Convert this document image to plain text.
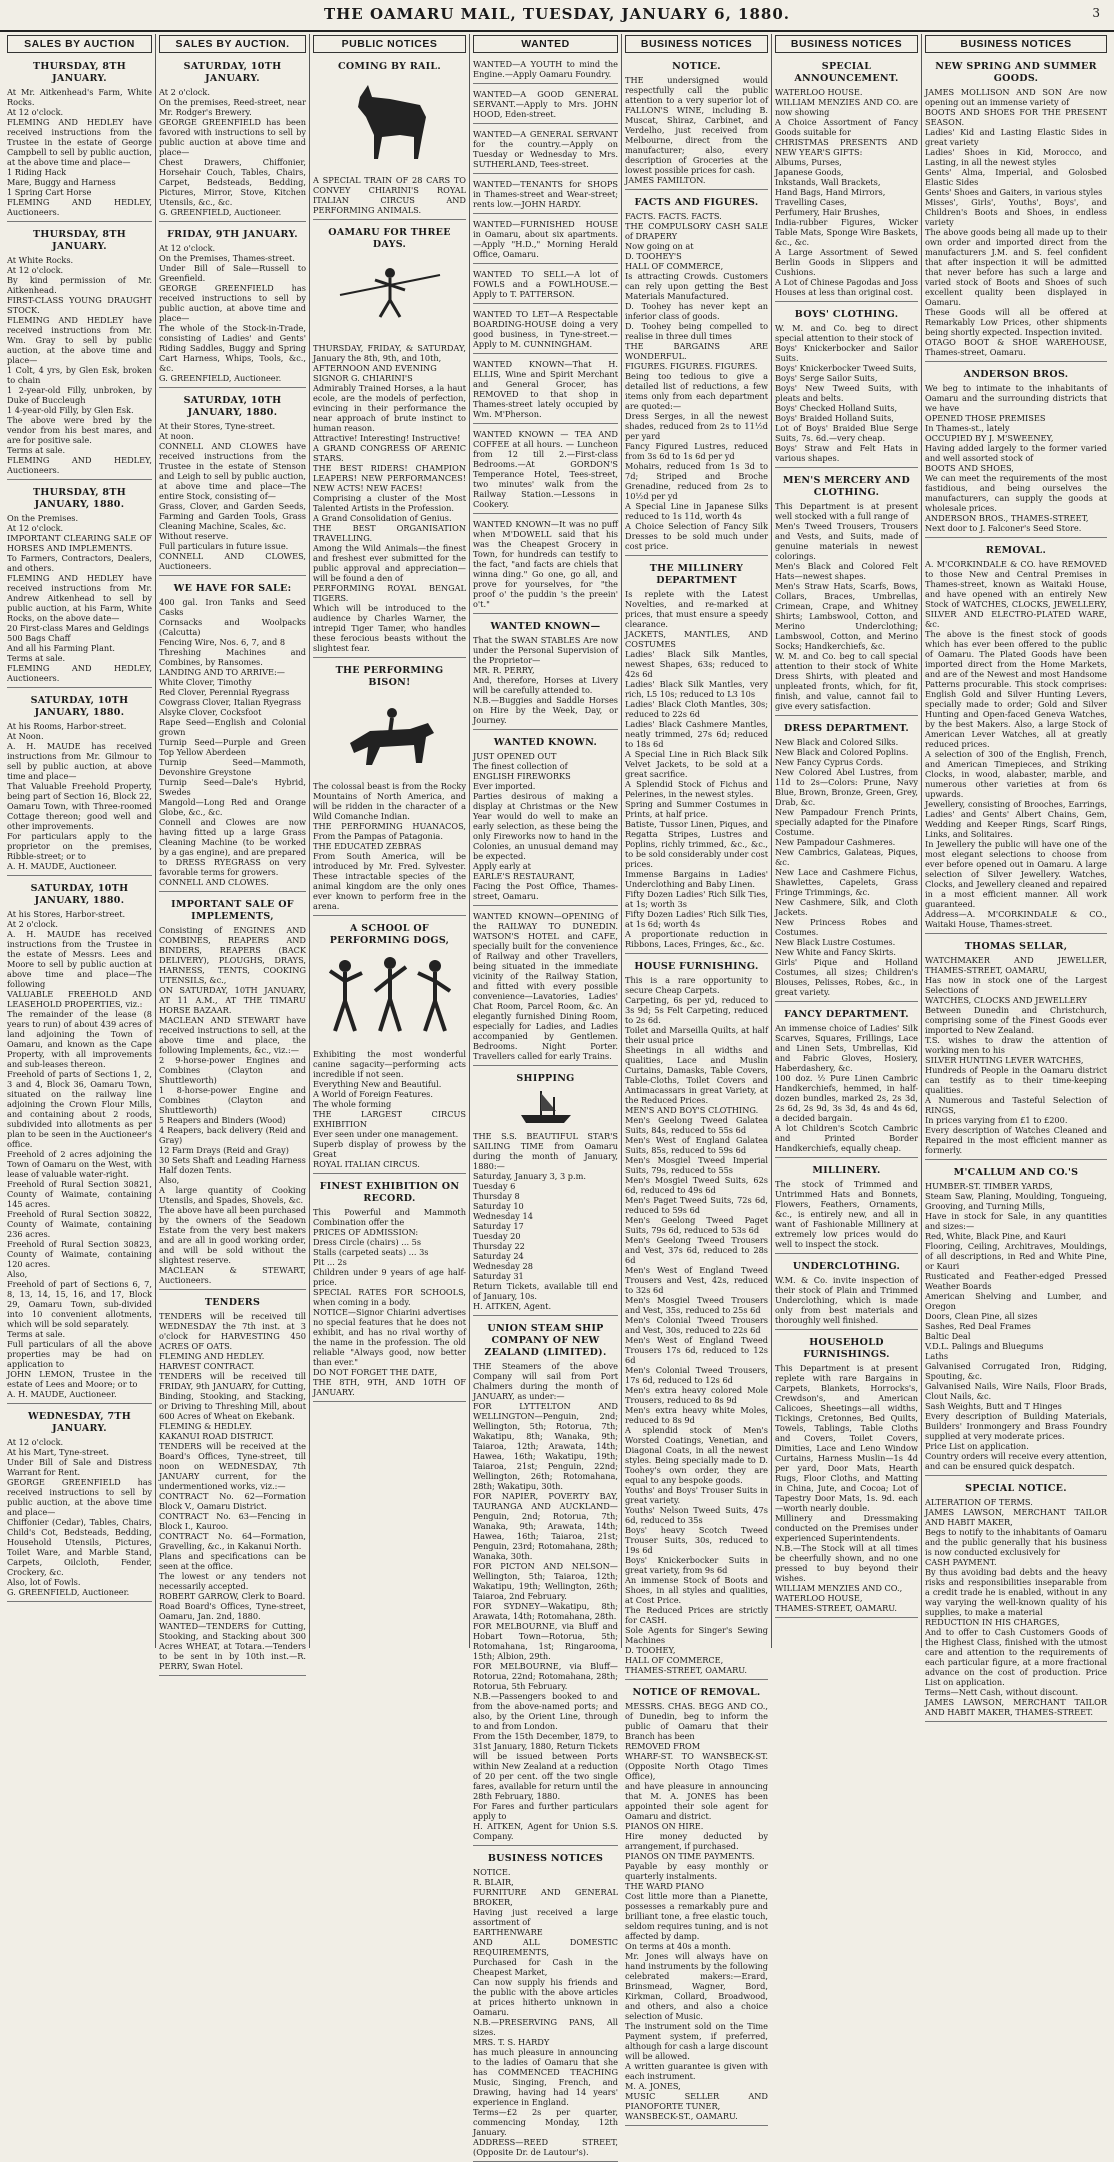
THE OAMARU MAIL, TUESDAY, JANUARY 6, 1880.	3
SALES BY AUCTION

THURSDAY, 8TH JANUARY.

At Mr. Aitkenhead's Farm, White Rocks.
At 12 o'clock.
FLEMING AND HEDLEY have received instructions from the Trustee in the estate of George Campbell to sell by public auction, at the above time and place—
1 Riding Hack
Mare, Buggy and Harness
1 Spring Cart Horse
FLEMING AND HEDLEY, Auctioneers.

THURSDAY, 8TH JANUARY.

At White Rocks.
At 12 o'clock.
By kind permission of Mr. Aitkenhead.
FIRST-CLASS YOUNG DRAUGHT STOCK.
FLEMING AND HEDLEY have received instructions from Mr. Wm. Gray to sell by public auction, at the above time and place—
1 Colt, 4 yrs, by Glen Esk, broken to chain
1 2-year-old Filly, unbroken, by Duke of Buccleugh
1 4-year-old Filly, by Glen Esk.
The above were bred by the vendor from his best mares, and are for positive sale.
Terms at sale.
FLEMING AND HEDLEY, Auctioneers.

THURSDAY, 8TH JANUARY, 1880.

On the Premises.
At 12 o'clock.
IMPORTANT CLEARING SALE OF HORSES AND IMPLEMENTS.
To Farmers, Contractors, Dealers, and others.
FLEMING AND HEDLEY have received instructions from Mr. Andrew Aitkenhead to sell by public auction, at his Farm, White Rocks, on the above date—
20 First-class Mares and Geldings
500 Bags Chaff
And all his Farming Plant.
Terms at sale.
FLEMING AND HEDLEY, Auctioneers.

SATURDAY, 10TH JANUARY, 1880.

At his Rooms, Harbor-street.
At Noon.
A. H. MAUDE has received instructions from Mr. Gilmour to sell by public auction, at above time and place—
That Valuable Freehold Property, being part of Section 16, Block 22, Oamaru Town, with Three-roomed Cottage thereon; good well and other improvements.
For particulars apply to the proprietor on the premises, Ribble-street; or to
A. H. MAUDE, Auctioneer.

SATURDAY, 10TH JANUARY, 1880.

At his Stores, Harbor-street.
At 2 o'clock.
A. H. MAUDE has received instructions from the Trustee in the estate of Messrs. Lees and Moore to sell by public auction at above time and place—The following
VALUABLE FREEHOLD AND LEASEHOLD PROPERTIES, viz.:
The remainder of the lease (8 years to run) of about 439 acres of land adjoining the Town of Oamaru, and known as the Cape Property, with all improvements and sub-leases thereon.
Freehold of parts of Sections 1, 2, 3 and 4, Block 36, Oamaru Town, situated on the railway line adjoining the Crown Flour Mills, and containing about 2 roods, subdivided into allotments as per plan to be seen in the Auctioneer's office.
Freehold of 2 acres adjoining the Town of Oamaru on the West, with lease of valuable water-right.
Freehold of Rural Section 30821, County of Waimate, containing 145 acres.
Freehold of Rural Section 30822, County of Waimate, containing 236 acres.
Freehold of Rural Section 30823, County of Waimate, containing 120 acres.
Also,
Freehold of part of Sections 6, 7, 8, 13, 14, 15, 16, and 17, Block 29, Oamaru Town, sub-divided into 10 convenient allotments, which will be sold separately.
Terms at sale.
Full particulars of all the above properties may be had on application to
JOHN LEMON, Trustee in the estate of Lees and Moore; or to
A. H. MAUDE, Auctioneer.

WEDNESDAY, 7TH JANUARY.

At 12 o'clock.
At his Mart, Tyne-street.
Under Bill of Sale and Distress Warrant for Rent.
GEORGE GREENFIELD has received instructions to sell by public auction, at the above time and place—
Chiffonier (Cedar), Tables, Chairs, Child's Cot, Bedsteads, Bedding, Household Utensils, Pictures, Toilet Ware, and Marble Stand, Carpets, Oilcloth, Fender, Crockery, &c.
Also, lot of Fowls.
G. GREENFIELD, Auctioneer.

SALES BY AUCTION.

SATURDAY, 10TH JANUARY.

At 2 o'clock.
On the premises, Reed-street, near Mr. Rodger's Brewery.
GEORGE GREENFIELD has been favored with instructions to sell by public auction at above time and place—
Chest Drawers, Chiffonier, Horsehair Couch, Tables, Chairs, Carpet, Bedsteads, Bedding, Pictures, Mirror, Stove, Kitchen Utensils, &c., &c.
G. GREENFIELD, Auctioneer.

FRIDAY, 9TH JANUARY.

At 12 o'clock.
On the Premises, Thames-street.
Under Bill of Sale—Russell to Greenfield.
GEORGE GREENFIELD has received instructions to sell by public auction, at above time and place—
The whole of the Stock-in-Trade, consisting of Ladies' and Gents' Riding Saddles, Buggy and Spring Cart Harness, Whips, Tools, &c., &c.
G. GREENFIELD, Auctioneer.

SATURDAY, 10TH JANUARY, 1880.

At their Stores, Tyne-street.
At noon.
CONNELL AND CLOWES have received instructions from the Trustee in the estate of Stenson and Leigh to sell by public auction, at above time and place—The entire Stock, consisting of—
Grass, Clover, and Garden Seeds, Farming and Garden Tools, Grass Cleaning Machine, Scales, &c.
Without reserve.
Full particulars in future issue.
CONNELL AND CLOWES, Auctioneers.

WE HAVE FOR SALE:

400 gal. Iron Tanks and Seed Casks
Cornsacks and Woolpacks (Calcutta)
Fencing Wire, Nos. 6, 7, and 8
Threshing Machines and Combines, by Ransomes.
LANDING AND TO ARRIVE:—
White Clover, Timothy
Red Clover, Perennial Ryegrass
Cowgrass Clover, Italian Ryegrass
Alsyke Clover, Cocksfoot
Rape Seed—English and Colonial grown
Turnip Seed—Purple and Green Top Yellow Aberdeen
Turnip Seed—Mammoth, Devonshire Greystone
Turnip Seed—Dale's Hybrid, Swedes
Mangold—Long Red and Orange Globe, &c., &c.
Connell and Clowes are now having fitted up a large Grass Cleaning Machine (to be worked by a gas engine), and are prepared to DRESS RYEGRASS on very favorable terms for growers.
CONNELL AND CLOWES.

IMPORTANT SALE OF IMPLEMENTS,

Consisting of ENGINES AND COMBINES, REAPERS AND BINDERS, REAPERS (BACK DELIVERY), PLOUGHS, DRAYS, HARNESS, TENTS, COOKING UTENSILS, &c.,
ON SATURDAY, 10TH JANUARY, AT 11 A.M., AT THE TIMARU HORSE BAZAAR.
MACLEAN AND STEWART have received instructions to sell, at the above time and place, the following Implements, &c., viz.:—
2 9-horse-power Engines and Combines (Clayton and Shuttleworth)
1 8-horse-power Engine and Combines (Clayton and Shuttleworth)
5 Reapers and Binders (Wood)
4 Reapers, back delivery (Reid and Gray)
12 Farm Drays (Reid and Gray)
30 Sets Shaft and Leading Harness
Half dozen Tents.
Also,
A large quantity of Cooking Utensils, and Spades, Shovels, &c.
The above have all been purchased by the owners of the Seadown Estate from the very best makers and are all in good working order, and will be sold without the slightest reserve.
MACLEAN & STEWART, Auctioneers.

TENDERS

TENDERS will be received till WEDNESDAY the 7th inst. at 3 o'clock for HARVESTING 450 ACRES OF OATS.
FLEMING AND HEDLEY.
HARVEST CONTRACT.
TENDERS will be received till FRIDAY, 9th JANUARY, for Cutting, Binding, Stooking, and Stacking, or Driving to Threshing Mill, about 600 Acres of Wheat on Ekebank.
FLEMING & HEDLEY.
KAKANUI ROAD DISTRICT.
TENDERS will be received at the Board's Offices, Tyne-street, till noon on WEDNESDAY, 7th JANUARY current, for the undermentioned works, viz.:—
CONTRACT No. 62—Formation Block V., Oamaru District.
CONTRACT No. 63—Fencing in Block I., Kauroo.
CONTRACT No. 64—Formation, Gravelling, &c., in Kakanui North.
Plans and specifications can be seen at the office.
The lowest or any tenders not necessarily accepted.
ROBERT GARROW, Clerk to Board.
Road Board's Offices, Tyne-street, Oamaru, Jan. 2nd, 1880.
WANTED—TENDERS for Cutting, Stooking, and Stacking about 300 Acres WHEAT, at Totara.—Tenders to be sent in by 10th inst.—R. PERRY, Swan Hotel.

PUBLIC NOTICES

COMING BY RAIL.

A SPECIAL TRAIN OF 28 CARS TO CONVEY CHIARINI'S ROYAL ITALIAN CIRCUS AND PERFORMING ANIMALS.

OAMARU FOR THREE DAYS.

THURSDAY, FRIDAY, & SATURDAY, January the 8th, 9th, and 10th,
AFTERNOON AND EVENING
SIGNOR G. CHIARINI'S
Admirably Trained Horses, a la haut ecole, are the models of perfection, evincing in their performance the near approach of brute instinct to human reason.
Attractive! Interesting! Instructive!
A GRAND CONGRESS OF ARENIC STARS.
THE BEST RIDERS! CHAMPION LEAPERS! NEW PERFORMANCES! NEW ACTS! NEW FACES!
Comprising a cluster of the Most Talented Artists in the Profession.
A Grand Consolidation of Genius.
THE BEST ORGANISATION TRAVELLING.
Among the Wild Animals—the finest and freshest ever submitted for the public approval and appreciation—will be found a den of
PERFORMING ROYAL BENGAL TIGERS.
Which will be introduced to the audience by Charles Warner, the intrepid Tiger Tamer, who handles these ferocious beasts without the slightest fear.

THE PERFORMING BISON!

The colossal beast is from the Rocky Mountains of North America, and will be ridden in the character of a Wild Comanche Indian.
THE PERFORMING HUANACOS, From the Pampas of Patagonia.
THE EDUCATED ZEBRAS
From South America, will be introduced by Mr. Fred. Sylvester. These intractable species of the animal kingdom are the only ones ever known to perform free in the arena.

A SCHOOL OF PERFORMING DOGS,

Exhibiting the most wonderful canine sagacity—performing acts incredible if not seen.
Everything New and Beautiful.
A World of Foreign Features.
The whole forming
THE LARGEST CIRCUS EXHIBITION
Ever seen under one management.
Superb display of prowess by the Great
ROYAL ITALIAN CIRCUS.

FINEST EXHIBITION ON RECORD.

This Powerful and Mammoth Combination offer the
PRICES OF ADMISSION:
Dress Circle (chairs) ... 5s
Stalls (carpeted seats) ... 3s
Pit ... 2s
Children under 9 years of age half-price.
SPECIAL RATES FOR SCHOOLS, when coming in a body.
NOTICE—Signor Chiarini advertises no special features that he does not exhibit, and has no rival worthy of the name in the profession. The old reliable "Always good, now better than ever."
DO NOT FORGET THE DATE,
THE 8TH, 9TH, AND 10TH OF JANUARY.

WANTED

WANTED—A YOUTH to mind the Engine.—Apply Oamaru Foundry.

WANTED—A GOOD GENERAL SERVANT.—Apply to Mrs. JOHN HOOD, Eden-street.

WANTED—A GENERAL SERVANT for the country.—Apply on Tuesday or Wednesday to Mrs. SUTHERLAND, Tees-street.

WANTED—TENANTS for SHOPS in Thames-street and Wear-street; rents low.—JOHN HARDY.

WANTED—FURNISHED HOUSE in Oamaru, about six apartments.—Apply "H.D.," Morning Herald Office, Oamaru.

WANTED TO SELL—A lot of FOWLS and a FOWLHOUSE.—Apply to T. PATTERSON.

WANTED TO LET—A Respectable BOARDING-HOUSE doing a very good business, in Tyne-street.—Apply to M. CUNNINGHAM.

WANTED KNOWN—That H. ELLIS, Wine and Spirit Merchant and General Grocer, has REMOVED to that shop in Thames-street lately occupied by Wm. M'Pherson.

WANTED KNOWN — TEA AND COFFEE at all hours. — Luncheon from 12 till 2.—First-class Bedrooms.—At GORDON'S Temperance Hotel, Tees-street, two minutes' walk from the Railway Station.—Lessons in Cookery.

WANTED KNOWN—It was no puff when M'DOWELL said that his was the Cheapest Grocery in Town, for hundreds can testify to the fact, "and facts are chiels that winna ding." Go one, go all, and prove for yourselves, for "the proof o' the puddin 's the preein' o't."

WANTED KNOWN—

That the SWAN STABLES Are now under the Personal Supervision of the Proprietor—
MR. R. PERRY,
And, therefore, Horses at Livery will be carefully attended to.
N.B.—Buggies and Saddle Horses on Hire by the Week, Day, or Journey.

WANTED KNOWN.

JUST OPENED OUT
The finest collection of
ENGLISH FIREWORKS
Ever imported.
Parties desirous of making a display at Christmas or the New Year would do well to make an early selection, as these being the only Fireworks now to hand in the Colonies, an unusual demand may be expected.
Apply early at
EARLE'S RESTAURANT,
Facing the Post Office, Thames-street, Oamaru.

WANTED KNOWN—OPENING of the RAILWAY TO DUNEDIN. WATSON'S HOTEL and CAFE, specially built for the convenience of Railway and other Travellers, being situated in the immediate vicinity of the Railway Station, and fitted with every possible convenience—Lavatories, Ladies' Chat Room, Parcel Room, &c. An elegantly furnished Dining Room, especially for Ladies, and Ladies accompanied by Gentlemen. Bedrooms. Night Porter. Travellers called for early Trains.

SHIPPING

THE S.S. BEAUTIFUL STAR'S SAILING TIME from Oamaru during the month of January, 1880:—
Saturday, January 3, 3 p.m.
Tuesday 6
Thursday 8
Saturday 10
Wednesday 14
Saturday 17
Tuesday 20
Thursday 22
Saturday 24
Wednesday 28
Saturday 31
Return Tickets, available till end of January, 10s.
H. AITKEN, Agent.

UNION STEAM SHIP COMPANY OF NEW ZEALAND (LIMITED).

THE Steamers of the above Company will sail from Port Chalmers during the month of JANUARY, as under:—
FOR LYTTELTON AND WELLINGTON—Penguin, 2nd; Wellington, 5th; Rotorua, 7th; Wakatipu, 8th; Wanaka, 9th; Taiaroa, 12th; Arawata, 14th; Hawea, 16th; Wakatipu, 19th; Taiaroa, 21st; Penguin, 22nd; Wellington, 26th; Rotomahana, 28th; Wakatipu, 30th.
FOR NAPIER, POVERTY BAY, TAURANGA AND AUCKLAND—Penguin, 2nd; Rotorua, 7th; Wanaka, 9th; Arawata, 14th; Hawea, 16th; Taiaroa, 21st; Penguin, 23rd; Rotomahana, 28th; Wanaka, 30th.
FOR PICTON AND NELSON—Wellington, 5th; Taiaroa, 12th; Wakatipu, 19th; Wellington, 26th; Taiaroa, 2nd February.
FOR SYDNEY—Wakatipu, 8th; Arawata, 14th; Rotomahana, 28th.
FOR MELBOURNE, via Bluff and Hobart Town—Rotorua, 5th; Rotomahana, 1st; Ringarooma, 15th; Albion, 29th.
FOR MELBOURNE, via Bluff—Rotorua, 22nd; Rotomahana, 28th; Rotorua, 5th February.
N.B.—Passengers booked to and from the above-named ports; and also, by the Orient Line, through to and from London.
From the 15th December, 1879, to 31st January, 1880, Return Tickets will be issued between Ports within New Zealand at a reduction of 20 per cent. off the two single fares, available for return until the 28th February, 1880.
For Fares and further particulars apply to
H. AITKEN, Agent for Union S.S. Company.

BUSINESS NOTICES

NOTICE.
R. BLAIR,
FURNITURE AND GENERAL BROKER,
Having just received a large assortment of
EARTHENWARE
AND ALL DOMESTIC REQUIREMENTS,
Purchased for Cash in the Cheapest Market,
Can now supply his friends and the public with the above articles at prices hitherto unknown in Oamaru.
N.B.—PRESERVING PANS, All sizes.
MRS. T. S. HARDY
has much pleasure in announcing to the ladies of Oamaru that she has COMMENCED TEACHING Music, Singing, French, and Drawing, having had 14 years' experience in England.
Terms—£2 2s per quarter, commencing Monday, 12th January.
ADDRESS—REED STREET, (Opposite Dr. de Lautour's).

BUSINESS NOTICES

NOTICE.

THE undersigned would respectfully call the public attention to a very superior lot of FALLON'S WINE, including B. Muscat, Shiraz, Carbinet, and Verdelho, just received from Melbourne, direct from the manufacturer; also, every description of Groceries at the lowest possible prices for cash.
JAMES FAMILTON.

FACTS AND FIGURES.

FACTS. FACTS. FACTS.
THE COMPULSORY CASH SALE of DRAPERY
Now going on at
D. TOOHEY'S
HALL OF COMMERCE,
Is attracting Crowds. Customers can rely upon getting the Best Materials Manufactured.
D. Toohey has never kept an inferior class of goods.
D. Toohey being compelled to realise in three dull times
THE BARGAINS ARE WONDERFUL.
FIGURES. FIGURES. FIGURES.
Being too tedious to give a detailed list of reductions, a few items only from each department are quoted:—
Dress Serges, in all the newest shades, reduced from 2s to 11½d per yard
Fancy Figured Lustres, reduced from 3s 6d to 1s 6d per yd
Mohairs, reduced from 1s 3d to 7d; Striped and Broche Grenadine, reduced from 2s to 10½d per yd
A Special Line in Japanese Silks reduced to 1s 11d, worth 4s
A Choice Selection of Fancy Silk Dresses to be sold much under cost price.

THE MILLINERY DEPARTMENT

Is replete with the Latest Novelties, and re-marked at prices, that must ensure a speedy clearance.
JACKETS, MANTLES, AND COSTUMES
Ladies' Black Silk Mantles, newest Shapes, 63s; reduced to 42s 6d
Ladies' Black Silk Mantles, very rich, L5 10s; reduced to L3 10s
Ladies' Black Cloth Mantles, 30s; reduced to 22s 6d
Ladies' Black Cashmere Mantles, neatly trimmed, 27s 6d; reduced to 18s 6d
A Special Line in Rich Black Silk Velvet Jackets, to be sold at a great sacrifice.
A Splendid Stock of Fichus and Pelerines, in the newest styles.
Spring and Summer Costumes in Prints, at half price.
Batiste, Tussor Linen, Piques, and Regatta Stripes, Lustres and Poplins, richly trimmed, &c., &c., to be sold considerably under cost prices.
Immense Bargains in Ladies' Underclothing and Baby Linen.
Fifty Dozen Ladies' Rich Silk Ties, at 1s; worth 3s
Fifty Dozen Ladies' Rich Silk Ties, at 1s 6d; worth 4s
A proportionate reduction in Ribbons, Laces, Fringes, &c., &c.

HOUSE FURNISHING.

This is a rare opportunity to secure Cheap Carpets.
Carpeting, 6s per yd, reduced to 3s 9d; 5s Felt Carpeting, reduced to 2s 6d.
Toilet and Marseilla Quilts, at half their usual price
Sheetings in all widths and qualities, Lace and Muslin Curtains, Damasks, Table Covers, Table-Cloths, Toilet Covers and Antimacassars in great Variety, at the Reduced Prices.
MEN'S AND BOY'S CLOTHING.
Men's Geelong Tweed Galatea Suits, 84s, reduced to 55s 6d
Men's West of England Galatea Suits, 85s, reduced to 59s 6d
Men's Mosgiel Tweed Imperial Suits, 79s, reduced to 55s
Men's Mosgiel Tweed Suits, 62s 6d, reduced to 49s 6d
Men's Paget Tweed Suits, 72s 6d, reduced to 59s 6d
Men's Geelong Tweed Paget Suits, 79s 6d, reduced to 53s 6d
Men's Geelong Tweed Trousers and Vest, 37s 6d, reduced to 28s 6d
Men's West of England Tweed Trousers and Vest, 42s, reduced to 32s 6d
Men's Mosgiel Tweed Trousers and Vest, 35s, reduced to 25s 6d
Men's Colonial Tweed Trousers and Vest, 30s, reduced to 22s 6d
Men's West of England Tweed Trousers 17s 6d, reduced to 12s 6d
Men's Colonial Tweed Trousers, 17s 6d, reduced to 12s 6d
Men's extra heavy colored Mole Trousers, reduced to 8s 9d
Men's extra heavy white Moles, reduced to 8s 9d
A splendid stock of Men's Worsted Coatings, Venetian, and Diagonal Coats, in all the newest styles. Being specially made to D. Toohey's own order, they are equal to any bespoke goods.
Youths' and Boys' Trouser Suits in great variety.
Youths' Nelson Tweed Suits, 47s 6d, reduced to 35s
Boys' heavy Scotch Tweed Trouser Suits, 30s, reduced to 19s 6d
Boys' Knickerbocker Suits in great variety, from 9s 6d
An immense Stock of Boots and Shoes, in all styles and qualities, at Cost Price.
The Reduced Prices are strictly for CASH.
Sole Agents for Singer's Sewing Machines
D. TOOHEY,
HALL OF COMMERCE,
THAMES-STREET, OAMARU.

NOTICE OF REMOVAL.

MESSRS. CHAS. BEGG AND CO., of Dunedin, beg to inform the public of Oamaru that their Branch has been
REMOVED FROM
WHARF-ST. TO WANSBECK-ST. (Opposite North Otago Times Office),
and have pleasure in announcing that M. A. JONES has been appointed their sole agent for Oamaru and district.
PIANOS ON HIRE.
Hire money deducted by arrangement, if purchased.
PIANOS ON TIME PAYMENTS.
Payable by easy monthly or quarterly instalments.
THE WARD PIANO
Cost little more than a Pianette, possesses a remarkably pure and brilliant tone, a free elastic touch, seldom requires tuning, and is not affected by damp.
On terms at 40s a month.
Mr. Jones will always have on hand instruments by the following celebrated makers:—Erard, Brinsmead, Wagner, Bord, Kirkman, Collard, Broadwood, and others, and also a choice selection of Music.
The instrument sold on the Time Payment system, if preferred, although for cash a large discount will be allowed.
A written guarantee is given with each instrument.
M. A. JONES,
MUSIC SELLER AND PIANOFORTE TUNER,
WANSBECK-ST., OAMARU.

BUSINESS NOTICES

SPECIAL ANNOUNCEMENT.

WATERLOO HOUSE.
WILLIAM MENZIES AND CO. are now showing
A Choice Assortment of Fancy Goods suitable for
CHRISTMAS PRESENTS AND NEW YEAR'S GIFTS:
Albums, Purses,
Japanese Goods,
Inkstands, Wall Brackets,
Hand Bags, Hand Mirrors,
Travelling Cases,
Perfumery, Hair Brushes,
India-rubber Figures, Wicker Table Mats, Sponge Wire Baskets, &c., &c.
A Large Assortment of Sewed Berlin Goods in Slippers and Cushions.
A Lot of Chinese Pagodas and Joss Houses at less than original cost.

BOYS' CLOTHING.

W. M. and Co. beg to direct special attention to their stock of
Boys' Knickerbocker and Sailor Suits.
Boys' Knickerbocker Tweed Suits,
Boys' Serge Sailor Suits,
Boys' New Tweed Suits, with pleats and belts.
Boys' Checked Holland Suits,
Boys' Braided Holland Suits,
Lot of Boys' Braided Blue Serge Suits, 7s. 6d.—very cheap.
Boys' Straw and Felt Hats in various shapes.

MEN'S MERCERY AND CLOTHING.

This Department is at present well stocked with a full range of
Men's Tweed Trousers, Trousers and Vests, and Suits, made of genuine materials in newest colorings.
Men's Black and Colored Felt Hats—newest shapes.
Men's Straw Hats, Scarfs, Bows, Collars, Braces, Umbrellas, Crimean, Crape, and Whitney Shirts; Lambswool, Cotton, and Merino Underclothing; Lambswool, Cotton, and Merino Socks; Handkerchiefs, &c.
W. M. and Co. beg to call special attention to their stock of White Dress Shirts, with pleated and unpleated fronts, which, for fit, finish, and value, cannot fail to give every satisfaction.

DRESS DEPARTMENT.

New Black and Colored Silks.
New Black and Colored Poplins.
New Fancy Cyprus Cords.
New Colored Abel Lustres, from 11d to 2s—Colors: Prune, Navy Blue, Brown, Bronze, Green, Grey, Drab, &c.
New Pampadour French Prints, specially adapted for the Pinafore Costume.
New Pampadour Cashmeres.
New Cambrics, Galateas, Piques, &c.
New Lace and Cashmere Fichus, Shawlettes, Capelets, Grass Fringe Trimmings, &c.
New Cashmere, Silk, and Cloth Jackets.
New Princess Robes and Costumes.
New Black Lustre Costumes.
New White and Fancy Skirts.
Girls' Pique and Holland Costumes, all sizes; Children's Blouses, Pelisses, Robes, &c., in great variety.

FANCY DEPARTMENT.

An immense choice of Ladies' Silk Scarves, Squares, Frillings, Lace and Linen Sets, Umbrellas, Kid and Fabric Gloves, Hosiery, Haberdashery, &c.
100 doz. ½ Pure Linen Cambric Handkerchiefs, hemmed, in half-dozen bundles, marked 2s, 2s 3d, 2s 6d, 2s 9d, 3s 3d, 4s and 4s 6d, a decided bargain.
A lot Children's Scotch Cambric and Printed Border Handkerchiefs, equally cheap.

MILLINERY.

The stock of Trimmed and Untrimmed Hats and Bonnets, Flowers, Feathers, Ornaments, &c., is entirely new, and all in want of Fashionable Millinery at extremely low prices would do well to inspect the stock.

UNDERCLOTHING.

W.M. & Co. invite inspection of their stock of Plain and Trimmed Underclothing, which is made only from best materials and thoroughly well finished.

HOUSEHOLD FURNISHINGS.

This Department is at present replete with rare Bargains in Carpets, Blankets, Horrocks's, Crewdson's, and American Calicoes, Sheetings—all widths, Tickings, Cretonnes, Bed Quilts, Towels, Tablings, Table Cloths and Covers, Toilet Covers, Dimities, Lace and Leno Window Curtains, Harness Muslin—1s 4d per yard, Door Mats, Hearth Rugs, Floor Cloths, and Matting in China, Jute, and Cocoa; Lot of Tapestry Door Mats, 1s. 9d. each—worth nearly double.
Millinery and Dressmaking conducted on the Premises under experienced Superintendents.
N.B.—The Stock will at all times be cheerfully shown, and no one pressed to buy beyond their wishes.
WILLIAM MENZIES AND CO.,
WATERLOO HOUSE,
THAMES-STREET, OAMARU.

BUSINESS NOTICES

NEW SPRING AND SUMMER GOODS.

JAMES MOLLISON AND SON Are now opening out an immense variety of
BOOTS AND SHOES FOR THE PRESENT SEASON.
Ladies' Kid and Lasting Elastic Sides in great variety
Ladies' Shoes in Kid, Morocco, and Lasting, in all the newest styles
Gents' Alma, Imperial, and Golosbed Elastic Sides
Gents' Shoes and Gaiters, in various styles
Misses', Girls', Youths', Boys', and Children's Boots and Shoes, in endless variety
The above goods being all made up to their own order and imported direct from the manufacturers J.M. and S. feel confident that after inspection it will be admitted that never before has such a large and varied stock of Boots and Shoes of such excellent quality been displayed in Oamaru.
These Goods will all be offered at Remarkably Low Prices, other shipments being shortly expected. Inspection invited.
OTAGO BOOT & SHOE WAREHOUSE, Thames-street, Oamaru.

ANDERSON BROS.

We beg to intimate to the inhabitants of Oamaru and the surrounding districts that we have
OPENED THOSE PREMISES
In Thames-st., lately
OCCUPIED BY J. M'SWEENEY,
Having added largely to the former varied and well assorted stock of
BOOTS AND SHOES,
We can meet the requirements of the most fastidious, and being ourselves the manufacturers, can supply the goods at wholesale prices.
ANDERSON BROS., THAMES-STREET,
Next door to J. Falconer's Seed Store.

REMOVAL.

A. M'CORKINDALE & CO. have REMOVED to those New and Central Premises in Thames-street, known as Waitaki House, and have opened with an entirely New Stock of WATCHES, CLOCKS, JEWELLERY, SILVER AND ELECTRO-PLATED WARE, &c.
The above is the finest stock of goods which has ever been offered to the public of Oamaru. The Plated Goods have been imported direct from the Home Markets, and are of the Newest and most Handsome Patterns procurable. This stock comprises: English Gold and Silver Hunting Levers, specially made to order; Gold and Silver Hunting and Open-faced Geneva Watches, by the best Makers. Also, a large Stock of American Lever Watches, all at greatly reduced prices.
A selection of 300 of the English, French, and American Timepieces, and Striking Clocks, in wood, alabaster, marble, and numerous other varieties at from 6s upwards.
Jewellery, consisting of Brooches, Earrings, Ladies' and Gents' Albert Chains, Gem, Wedding and Keeper Rings, Scarf Rings, Links, and Solitaires.
In Jewellery the public will have one of the most elegant selections to choose from ever before opened out in Oamaru. A large selection of Silver Jewellery. Watches, Clocks, and Jewellery cleaned and repaired in a most efficient manner. All work guaranteed.
Address—A. M'CORKINDALE & CO., Waitaki House, Thames-street.

THOMAS SELLAR,

WATCHMAKER AND JEWELLER, THAMES-STREET, OAMARU,
Has now in stock one of the Largest Selections of
WATCHES, CLOCKS AND JEWELLERY
Between Dunedin and Christchurch, comprising some of the Finest Goods ever imported to New Zealand.
T.S. wishes to draw the attention of working men to his
SILVER HUNTING LEVER WATCHES,
Hundreds of People in the Oamaru district can testify as to their time-keeping qualities.
A Numerous and Tasteful Selection of RINGS,
In prices varying from £1 to £200.
Every description of Watches Cleaned and Repaired in the most efficient manner as formerly.

M'CALLUM AND CO.'S

HUMBER-ST. TIMBER YARDS,
Steam Saw, Planing, Moulding, Tongueing, Grooving, and Turning Mills,
Have in stock for Sale, in any quantities and sizes:—
Red, White, Black Pine, and Kauri
Flooring, Ceiling, Architraves, Mouldings, of all descriptions, in Red and White Pine, or Kauri
Rusticated and Feather-edged Pressed Weather Boards
American Shelving and Lumber, and Oregon
Doors, Clean Pine, all sizes
Sashes, Red Deal Frames
Baltic Deal
V.D.L. Palings and Bluegums
Laths
Galvanised Corrugated Iron, Ridging, Spouting, &c.
Galvanised Nails, Wire Nails, Floor Brads, Clout Nails, &c.
Sash Weights, Butt and T Hinges
Every description of Building Materials, Builders' Ironmongery and Brass Foundry supplied at very moderate prices.
Price List on application.
Country orders will receive every attention, and can be ensured quick despatch.

SPECIAL NOTICE.

ALTERATION OF TERMS.
JAMES LAWSON, MERCHANT TAILOR AND HABIT MAKER,
Begs to notify to the inhabitants of Oamaru and the public generally that his business is now conducted exclusively for
CASH PAYMENT.
By thus avoiding bad debts and the heavy risks and responsibilities inseparable from a credit trade he is enabled, without in any way varying the well-known quality of his supplies, to make a material
REDUCTION IN HIS CHARGES,
And to offer to Cash Customers Goods of the Highest Class, finished with the utmost care and attention to the requirements of each particular figure, at a more fractional advance on the cost of production. Price List on application.
Terms—Nett Cash, without discount.
JAMES LAWSON, MERCHANT TAILOR AND HABIT MAKER, THAMES-STREET.
